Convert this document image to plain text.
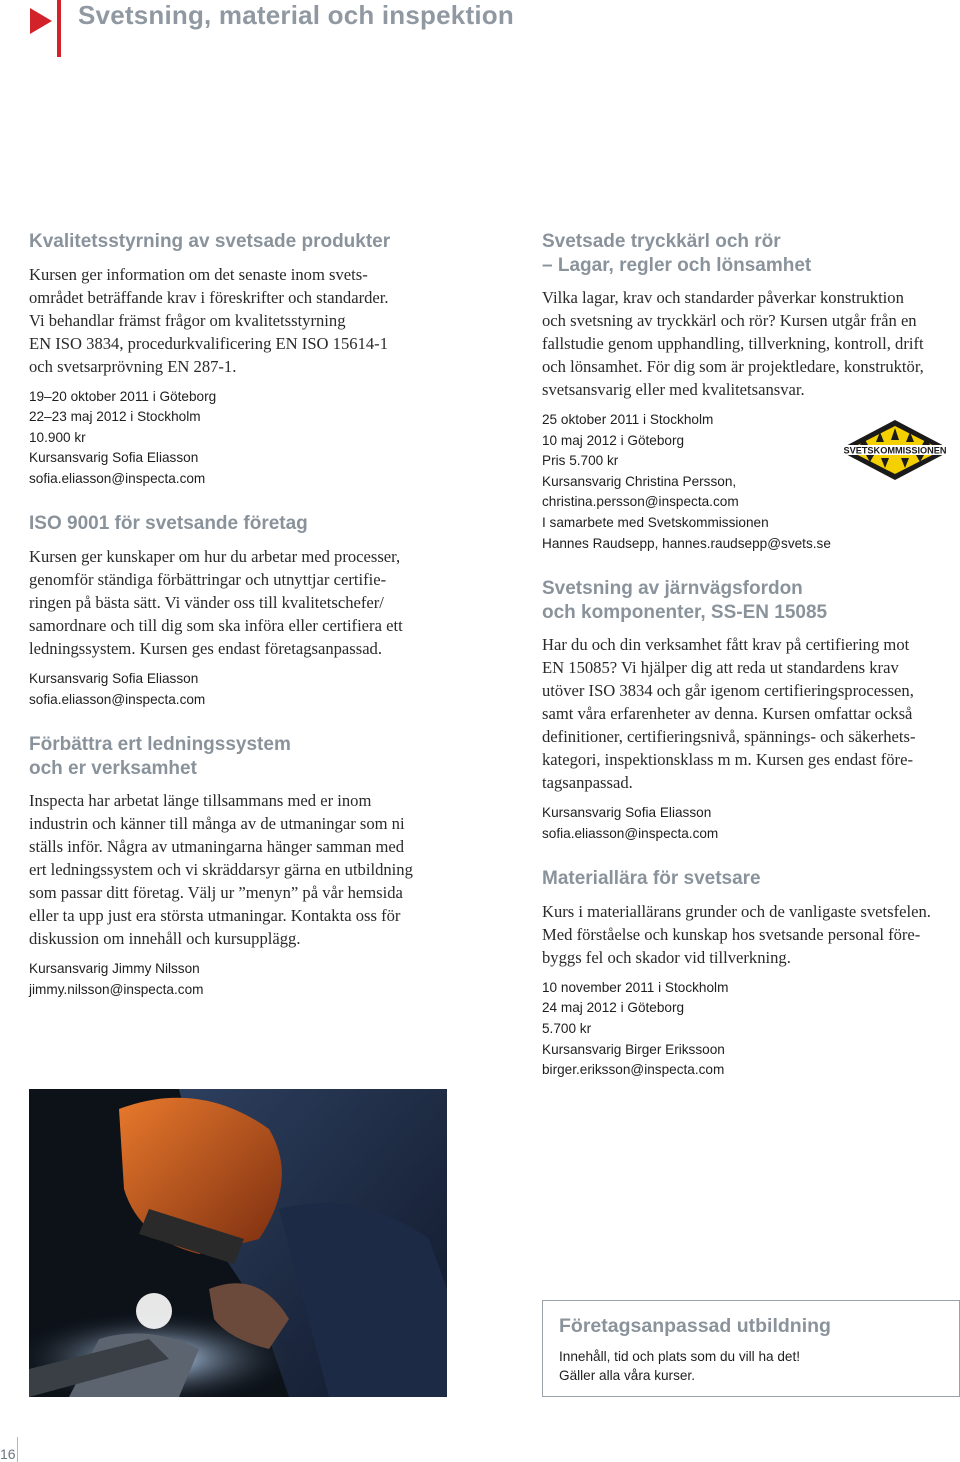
Svetsning, material och inspektion
Kvalitetsstyrning av svetsade produkter
Kursen ger information om det senaste inom svets-
området beträffande krav i föreskrifter och standarder.
Vi behandlar främst frågor om kvalitetsstyrning
EN ISO 3834, procedurkvalificering EN ISO 15614-1
och svetsarprövning EN 287-1.
19–20 oktober 2011 i Göteborg
22–23 maj 2012 i Stockholm
10.900 kr
Kursansvarig Sofia Eliasson
sofia.eliasson@inspecta.com
ISO 9001 för svetsande företag
Kursen ger kunskaper om hur du arbetar med processer,
genomför ständiga förbättringar och utnyttjar certifie-
ringen på bästa sätt. Vi vänder oss till kvalitetschefer/
samordnare och till dig som ska införa eller certifiera ett
ledningssystem. Kursen ges endast företagsanpassad.
Kursansvarig Sofia Eliasson
sofia.eliasson@inspecta.com
Förbättra ert ledningssystem
och er verksamhet
Inspecta har arbetat länge tillsammans med er inom
industrin och känner till många av de utmaningar som ni
ställs inför. Några av utmaningarna hänger samman med
ert ledningssystem och vi skräddarsyr gärna en utbildning
som passar ditt företag. Välj ur ”menyn” på vår hemsida
eller ta upp just era största utmaningar. Kontakta oss för
diskussion om innehåll och kursupplägg.
Kursansvarig Jimmy Nilsson
jimmy.nilsson@inspecta.com
Svetsade tryckkärl och rör
– Lagar, regler och lönsamhet
Vilka lagar, krav och standarder påverkar konstruktion
och svetsning av tryckkärl och rör? Kursen utgår från en
fallstudie genom upphandling, tillverkning, kontroll, drift
och lönsamhet. För dig som är projektledare, konstruktör,
svetsansvarig eller med kvalitetsansvar.
25 oktober 2011 i Stockholm
10 maj 2012 i Göteborg
Pris 5.700 kr
Kursansvarig Christina Persson,
christina.persson@inspecta.com
I samarbete med Svetskommissionen
Hannes Raudsepp, hannes.raudsepp@svets.se
Svetsning av järnvägsfordon
och komponenter, SS-EN 15085
Har du och din verksamhet fått krav på certifiering mot
EN 15085? Vi hjälper dig att reda ut standardens krav
utöver ISO 3834 och går igenom certifieringsprocessen,
samt våra erfarenheter av denna. Kursen omfattar också
definitioner, certifieringsnivå, spännings- och säkerhets-
kategori, inspektionsklass m m. Kursen ges endast före-
tagsanpassad.
Kursansvarig Sofia Eliasson
sofia.eliasson@inspecta.com
Materiallära för svetsare
Kurs i materiallärans grunder och de vanligaste svetsfelen.
Med förståelse och kunskap hos svetsande personal före-
byggs fel och skador vid tillverkning.
10 november 2011 i Stockholm
24 maj 2012 i Göteborg
5.700 kr
Kursansvarig Birger Erikssoon
birger.eriksson@inspecta.com
SVETSKOMMISSIONEN
Företagsanpassad utbildning
Innehåll, tid och plats som du vill ha det!
Gäller alla våra kurser.
16
